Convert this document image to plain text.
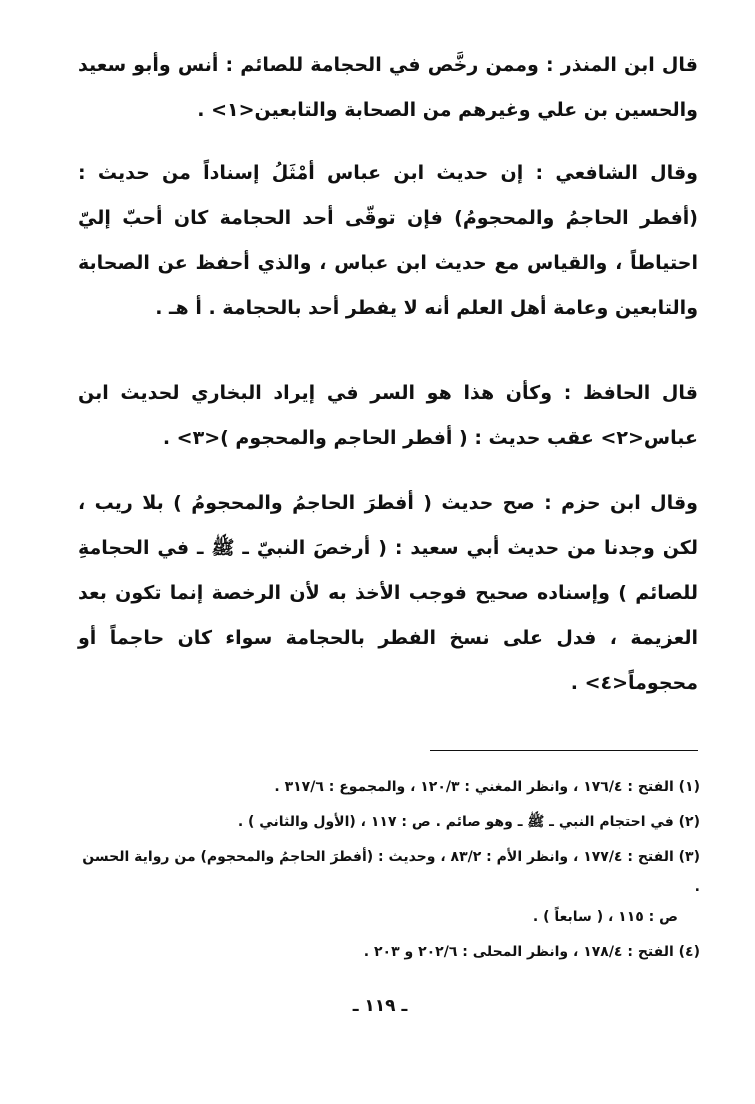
قال ابن المنذر : وممن رخَّص في الحجامة للصائم : أنس وأبو سعيد والحسين بن علي وغيرهم من الصحابة والتابعين<١> .

وقال الشافعي : إن حديث ابن عباس أمْثَلُ إسناداً من حديث : (أفطر الحاجمُ والمحجومُ) فإن توقّى أحد الحجامة كان أحبّ إليّ احتياطاً ، والقياس مع حديث ابن عباس ، والذي أحفظ عن الصحابة والتابعين وعامة أهل العلم أنه لا يفطر أحد بالحجامة . أ هـ .

قال الحافظ : وكأن هذا هو السر في إيراد البخاري لحديث ابن عباس<٢> عقب حديث : ( أفطر الحاجم والمحجوم )<٣> .

وقال ابن حزم : صح حديث ( أفطرَ الحاجمُ والمحجومُ ) بلا ريب ، لكن وجدنا من حديث أبي سعيد : ( أرخصَ النبيّ ـ ﷺ ـ في الحجامةِ للصائم ) وإسناده صحيح فوجب الأخذ به لأن الرخصة إنما تكون بعد العزيمة ، فدل على نسخ الفطر بالحجامة سواء كان حاجماً أو محجوماً<٤> .

(١) الفتح : ١٧٦/٤ ، وانظر المغني : ١٢٠/٣ ، والمجموع : ٣١٧/٦ .

(٢) في احتجام النبي ـ ﷺ ـ وهو صائم . ص : ١١٧ ، (الأول والثاني ) .

(٣) الفتح : ١٧٧/٤ ، وانظر الأم : ٨٣/٢ ، وحديث : (أفطرَ الحاجمُ والمحجوم) من رواية الحسن .

ص : ١١٥ ، ( سابعاً ) .

(٤) الفتح : ١٧٨/٤ ، وانظر المحلى : ٢٠٢/٦ و ٢٠٣ .

ـ ١١٩ ـ
